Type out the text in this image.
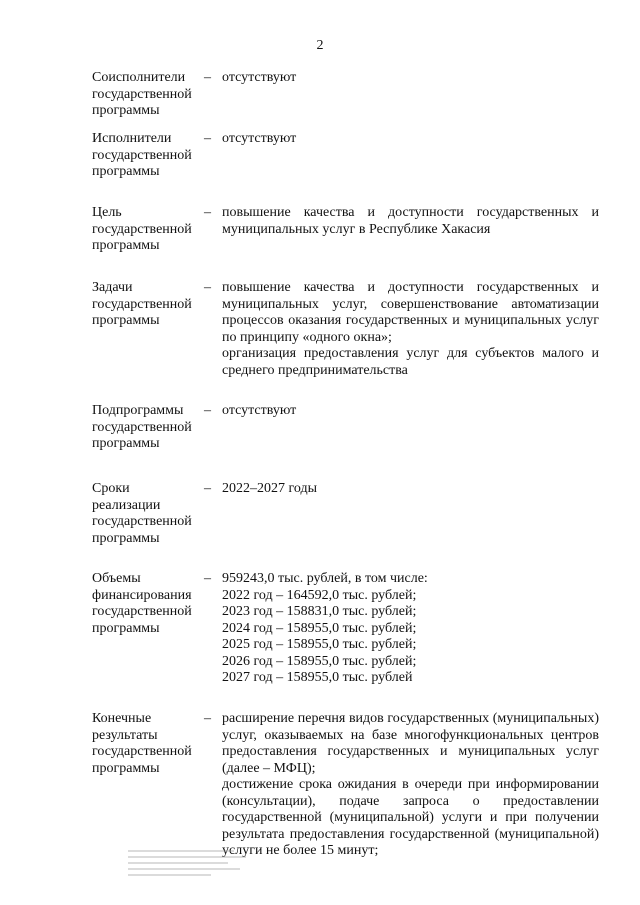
2
Соисполнители
государственной
программы
– отсутствуют

Исполнители
государственной
программы
– отсутствуют

Цель
государственной
программы
– повышение качества и доступности государственных и муниципальных услуг в Республике Хакасия

Задачи
государственной
программы
– повышение качества и доступности государственных и муниципальных услуг, совершенствование автоматизации процессов оказания государственных и муниципальных услуг по принципу «одного окна»;

организация предоставления услуг для субъектов малого и среднего предпринимательства

Подпрограммы
государственной
программы
– отсутствуют

Сроки
реализации
государственной
программы
– 2022–2027 годы

Объемы
финансирования
государственной
программы
– 959243,0 тыс. рублей, в том числе:
2022 год – 164592,0 тыс. рублей;
2023 год – 158831,0 тыс. рублей;
2024 год – 158955,0 тыс. рублей;
2025 год – 158955,0 тыс. рублей;
2026 год – 158955,0 тыс. рублей;
2027 год – 158955,0 тыс. рублей
Конечные
результаты
государственной
программы
– расширение перечня видов государственных (муниципальных) услуг, оказываемых на базе многофункциональных центров предоставления государственных и муниципальных услуг (далее – МФЦ);

достижение срока ожидания в очереди при информировании (консультации), подаче запроса о предоставлении государственной (муниципальной) услуги и при получении результата предоставления государственной (муниципальной) услуги не более 15 минут;
